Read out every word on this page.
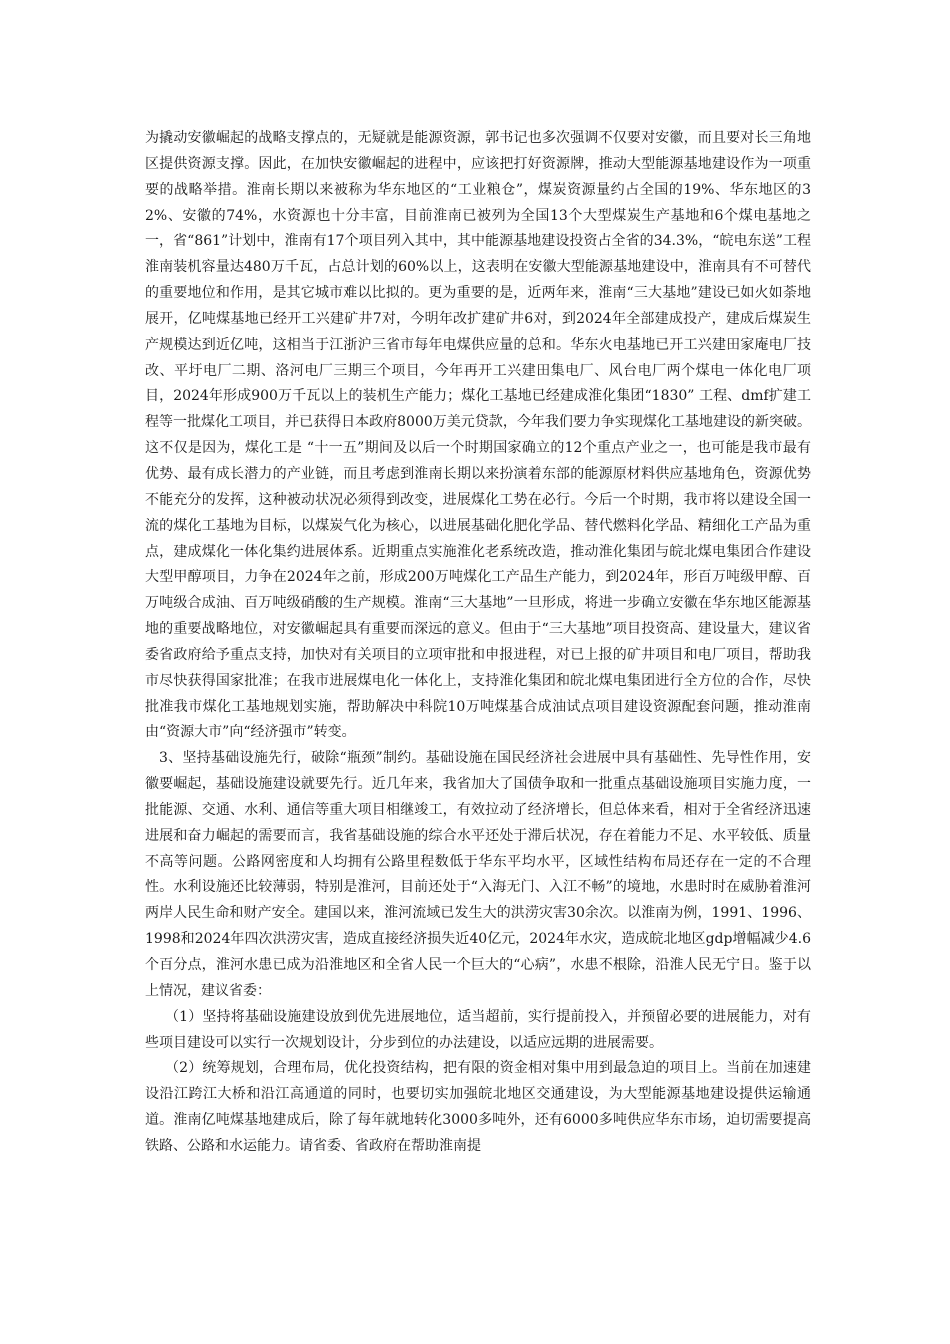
为撬动安徽崛起的战略支撑点的，无疑就是能源资源，郭书记也多次强调不仅要对安徽，而且要对长三角地区提供资源支撑。因此，在加快安徽崛起的进程中，应该把打好资源牌，推动大型能源基地建设作为一项重要的战略举措。淮南长期以来被称为华东地区的“工业粮仓”，煤炭资源量约占全国的19%、华东地区的32%、安徽的74%，水资源也十分丰富，目前淮南已被列为全国13个大型煤炭生产基地和6个煤电基地之一，省“861”计划中，淮南有17个项目列入其中，其中能源基地建设投资占全省的34.3%，“皖电东送”工程淮南装机容量达480万千瓦，占总计划的60%以上，这表明在安徽大型能源基地建设中，淮南具有不可替代的重要地位和作用，是其它城市难以比拟的。更为重要的是，近两年来，淮南“三大基地”建设已如火如荼地展开，亿吨煤基地已经开工兴建矿井7对，今明年改扩建矿井6对，到2024年全部建成投产，建成后煤炭生产规模达到近亿吨，这相当于江浙沪三省市每年电煤供应量的总和。华东火电基地已开工兴建田家庵电厂技改、平圩电厂二期、洛河电厂三期三个项目，今年再开工兴建田集电厂、风台电厂两个煤电一体化电厂项目，2024年形成900万千瓦以上的装机生产能力；煤化工基地已经建成淮化集团“1830” 工程、dmf扩建工程等一批煤化工项目，并已获得日本政府8000万美元贷款，今年我们要力争实现煤化工基地建设的新突破。这不仅是因为，煤化工是 “十一五”期间及以后一个时期国家确立的12个重点产业之一，也可能是我市最有优势、最有成长潜力的产业链，而且考虑到淮南长期以来扮演着东部的能源原材料供应基地角色，资源优势不能充分的发挥，这种被动状况必须得到改变，进展煤化工势在必行。今后一个时期，我市将以建设全国一流的煤化工基地为目标，以煤炭气化为核心，以进展基础化肥化学品、替代燃料化学品、精细化工产品为重点，建成煤化一体化集约进展体系。近期重点实施淮化老系统改造，推动淮化集团与皖北煤电集团合作建设大型甲醇项目，力争在2024年之前，形成200万吨煤化工产品生产能力，到2024年，形百万吨级甲醇、百万吨级合成油、百万吨级硝酸的生产规模。淮南“三大基地”一旦形成，将进一步确立安徽在华东地区能源基地的重要战略地位，对安徽崛起具有重要而深远的意义。但由于“三大基地”项目投资高、建设量大，建议省委省政府给予重点支持，加快对有关项目的立项审批和申报进程，对已上报的矿井项目和电厂项目，帮助我市尽快获得国家批准；在我市进展煤电化一体化上，支持淮化集团和皖北煤电集团进行全方位的合作，尽快批准我市煤化工基地规划实施，帮助解决中科院10万吨煤基合成油试点项目建设资源配套问题，推动淮南由“资源大市”向“经济强市”转变。

3、坚持基础设施先行，破除“瓶颈”制约。基础设施在国民经济社会进展中具有基础性、先导性作用，安徽要崛起，基础设施建设就要先行。近几年来，我省加大了国债争取和一批重点基础设施项目实施力度，一批能源、交通、水利、通信等重大项目相继竣工，有效拉动了经济增长，但总体来看，相对于全省经济迅速进展和奋力崛起的需要而言，我省基础设施的综合水平还处于滞后状况，存在着能力不足、水平较低、质量不高等问题。公路网密度和人均拥有公路里程数低于华东平均水平，区域性结构布局还存在一定的不合理性。水利设施还比较薄弱，特别是淮河，目前还处于“入海无门、入江不畅”的境地，水患时时在威胁着淮河两岸人民生命和财产安全。建国以来，淮河流域已发生大的洪涝灾害30余次。以淮南为例，1991、1996、1998和2024年四次洪涝灾害，造成直接经济损失近40亿元，2024年水灾，造成皖北地区gdp增幅减少4.6个百分点，淮河水患已成为沿淮地区和全省人民一个巨大的“心病”，水患不根除，沿淮人民无宁日。鉴于以上情况，建议省委：

（1）坚持将基础设施建设放到优先进展地位，适当超前，实行提前投入，并预留必要的进展能力，对有些项目建设可以实行一次规划设计，分步到位的办法建设，以适应远期的进展需要。

（2）统筹规划，合理布局，优化投资结构，把有限的资金相对集中用到最急迫的项目上。当前在加速建设沿江跨江大桥和沿江高通道的同时，也要切实加强皖北地区交通建设，为大型能源基地建设提供运输通道。淮南亿吨煤基地建成后，除了每年就地转化3000多吨外，还有6000多吨供应华东市场，迫切需要提高铁路、公路和水运能力。请省委、省政府在帮助淮南提
